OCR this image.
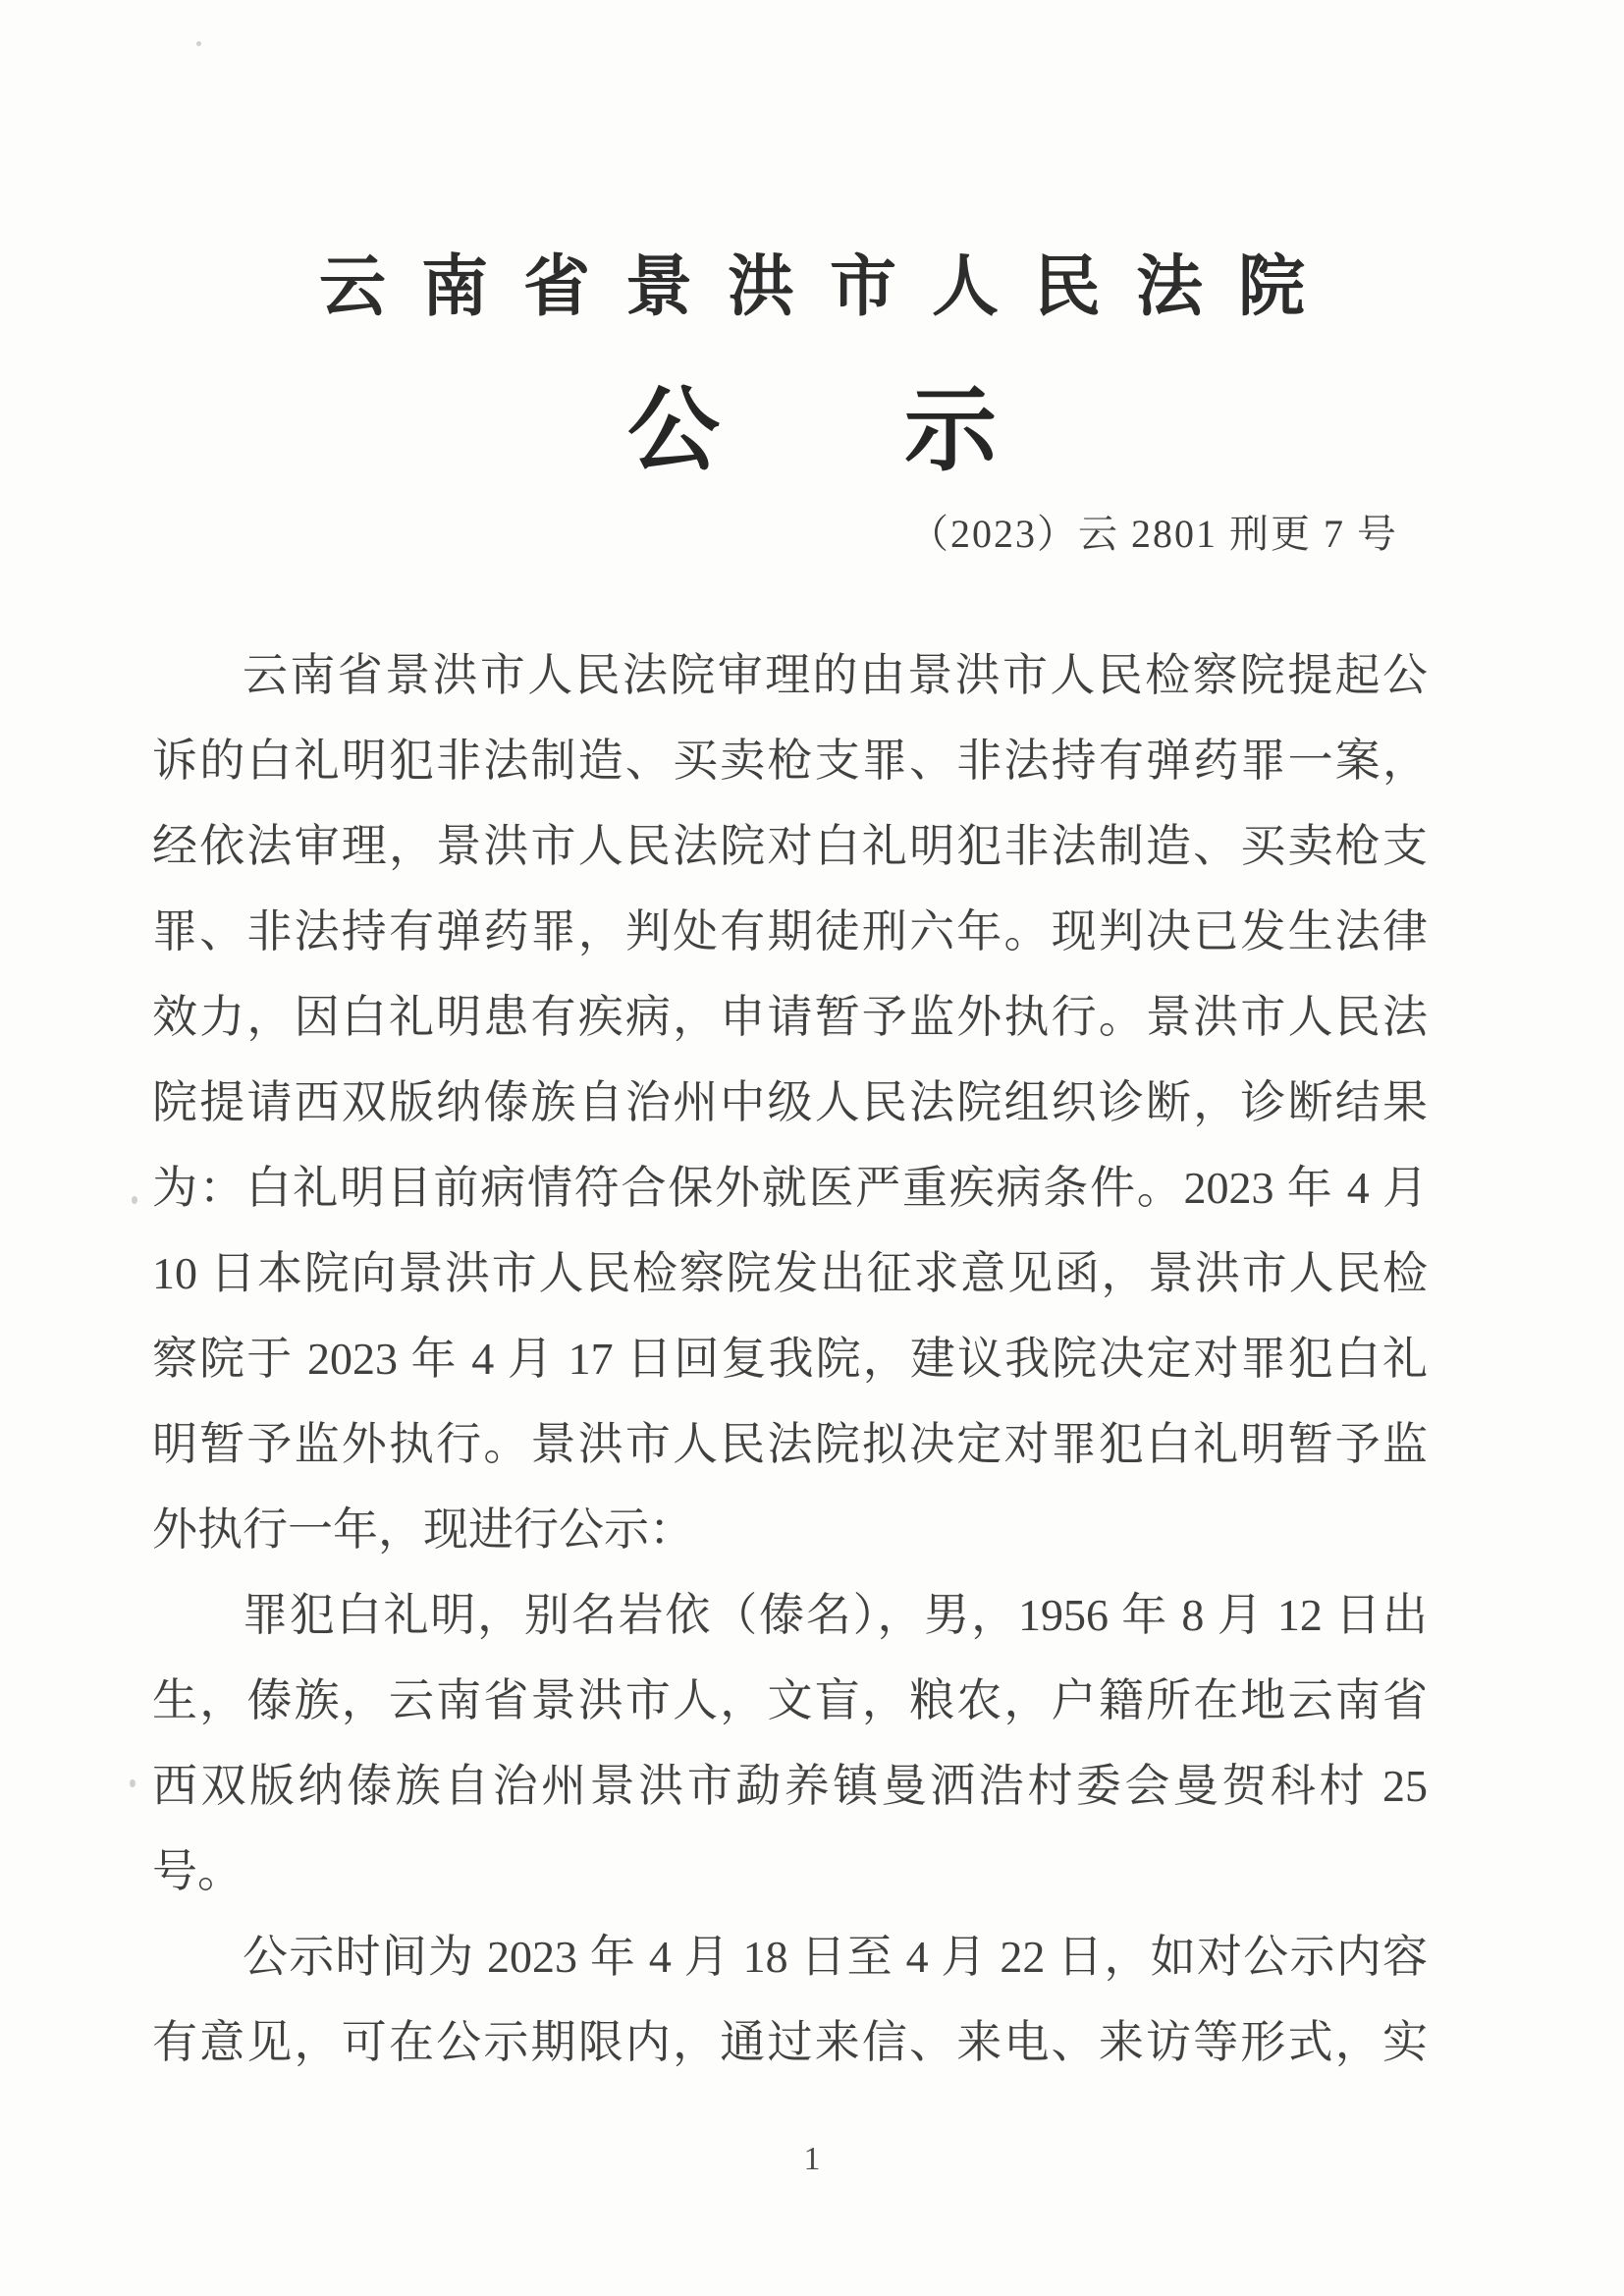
云南省景洪市人民法院
公　　示
（2023）云 2801 刑更 7 号
云南省景洪市人民法院审理的由景洪市人民检察院提起公
诉的白礼明犯非法制造、买卖枪支罪、非法持有弹药罪一案，
经依法审理，景洪市人民法院对白礼明犯非法制造、买卖枪支
罪、非法持有弹药罪，判处有期徒刑六年。现判决已发生法律
效力，因白礼明患有疾病，申请暂予监外执行。景洪市人民法
院提请西双版纳傣族自治州中级人民法院组织诊断，诊断结果
为：白礼明目前病情符合保外就医严重疾病条件。2023 年 4 月
10 日本院向景洪市人民检察院发出征求意见函，景洪市人民检
察院于 2023 年 4 月 17 日回复我院，建议我院决定对罪犯白礼
明暂予监外执行。景洪市人民法院拟决定对罪犯白礼明暂予监
外执行一年，现进行公示：
罪犯白礼明，别名岩依（傣名），男，1956 年 8 月 12 日出
生，傣族，云南省景洪市人，文盲，粮农，户籍所在地云南省
西双版纳傣族自治州景洪市勐养镇曼洒浩村委会曼贺科村 25
号。
公示时间为 2023 年 4 月 18 日至 4 月 22 日，如对公示内容
有意见，可在公示期限内，通过来信、来电、来访等形式，实
1
